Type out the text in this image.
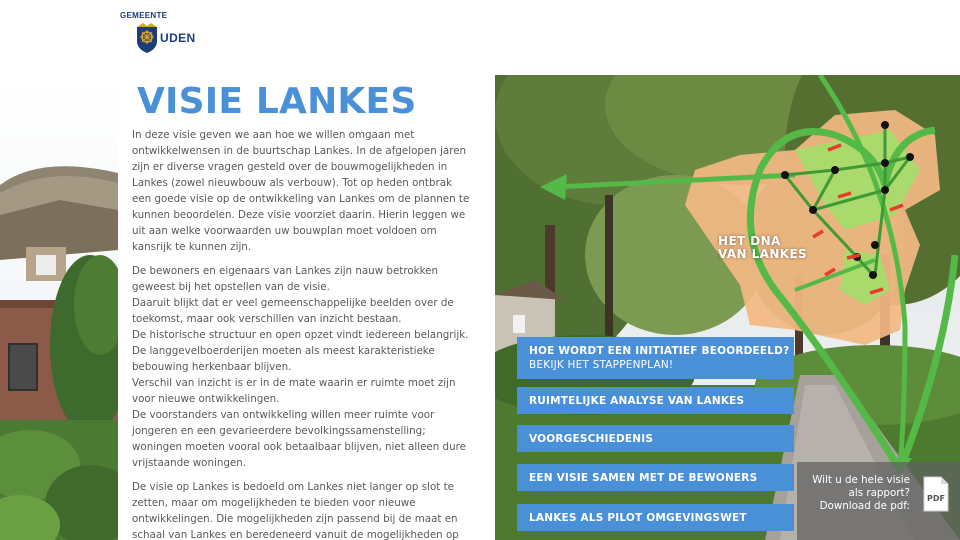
GEMEENTE
UDEN
VISIE LANKES

In deze visie geven we aan hoe we willen omgaan met
ontwikkelwensen in de buurtschap Lankes. In de afgelopen jaren
zijn er diverse vragen gesteld over de bouwmogelijkheden in
Lankes (zowel nieuwbouw als verbouw). Tot op heden ontbrak
een goede visie op de ontwikkeling van Lankes om de plannen te
kunnen beoordelen. Deze visie voorziet daarin. Hierin leggen we
uit aan welke voorwaarden uw bouwplan moet voldoen om
kansrijk te kunnen zijn.

De bewoners en eigenaars van Lankes zijn nauw betrokken
geweest bij het opstellen van de visie.
Daaruit blijkt dat er veel gemeenschappelijke beelden over de
toekomst, maar ook verschillen van inzicht bestaan.
De historische structuur en open opzet vindt iedereen belangrijk.
De langgevelboerderijen moeten als meest karakteristieke
bebouwing herkenbaar blijven.
Verschil van inzicht is er in de mate waarin er ruimte moet zijn
voor nieuwe ontwikkelingen.
De voorstanders van ontwikkeling willen meer ruimte voor
jongeren en een gevarieerdere bevolkingssamenstelling;
woningen moeten vooral ook betaalbaar blijven, niet alleen dure
vrijstaande woningen.

De visie op Lankes is bedoeld om Lankes niet langer op slot te
zetten, maar om mogelijkheden te bieden voor nieuwe
ontwikkelingen. Die mogelijkheden zijn passend bij de maat en
schaal van Lankes en beredeneerd vanuit de mogelijkheden op

HET DNA
VAN LANKES
HOE WORDT EEN INITIATIEF BEOORDEELD?
BEKIJK HET STAPPENPLAN!
RUIMTELIJKE ANALYSE VAN LANKES
VOORGESCHIEDENIS
EEN VISIE SAMEN MET DE BEWONERS
LANKES ALS PILOT OMGEVINGSWET
Wilt u de hele visie
als rapport?
Download de pdf:
PDF
